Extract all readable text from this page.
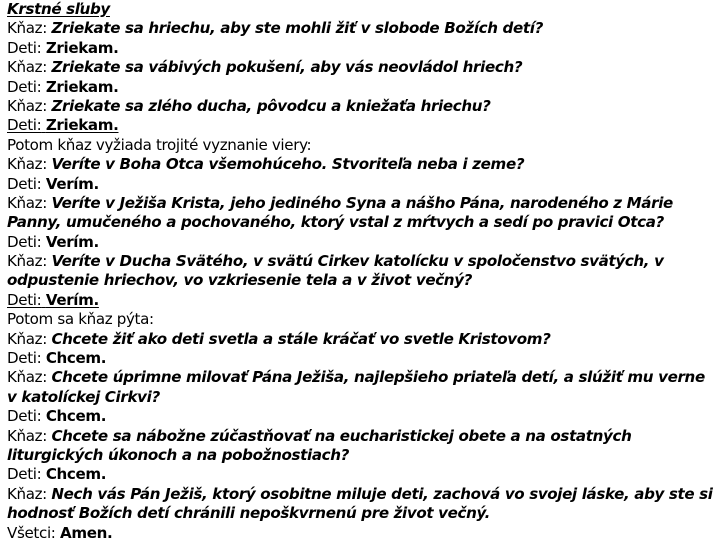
Krstné sľuby
Kňaz: Zriekate sa hriechu, aby ste mohli žiť v slobode Božích detí?
Deti: Zriekam.
Kňaz: Zriekate sa vábivých pokušení, aby vás neovládol hriech?
Deti: Zriekam.
Kňaz: Zriekate sa zlého ducha, pôvodcu a kniežaťa hriechu?
Deti: Zriekam.
Potom kňaz vyžiada trojité vyznanie viery:
Kňaz: Veríte v Boha Otca všemohúceho. Stvoriteľa neba i zeme?
Deti: Verím.
Kňaz: Veríte v Ježiša Krista, jeho jediného Syna a nášho Pána, narodeného z Márie
Panny, umučeného a pochovaného, ktorý vstal z mŕtvych a sedí po pravici Otca?
Deti: Verím.
Kňaz: Veríte v Ducha Svätého, v svätú Cirkev katolícku v spoločenstvo svätých, v
odpustenie hriechov, vo vzkriesenie tela a v život večný?
Deti: Verím.
Potom sa kňaz pýta:
Kňaz: Chcete žiť ako deti svetla a stále kráčať vo svetle Kristovom?
Deti: Chcem.
Kňaz: Chcete úprimne milovať Pána Ježiša, najlepšieho priateľa detí, a slúžiť mu verne
v katolíckej Cirkvi?
Deti: Chcem.
Kňaz: Chcete sa nábožne zúčastňovať na eucharistickej obete a na ostatných
liturgických úkonoch a na pobožnostiach?
Deti: Chcem.
Kňaz: Nech vás Pán Ježiš, ktorý osobitne miluje deti, zachová vo svojej láske, aby ste si
hodnosť Božích detí chránili nepoškvrnenú pre život večný.
Všetci: Amen.
